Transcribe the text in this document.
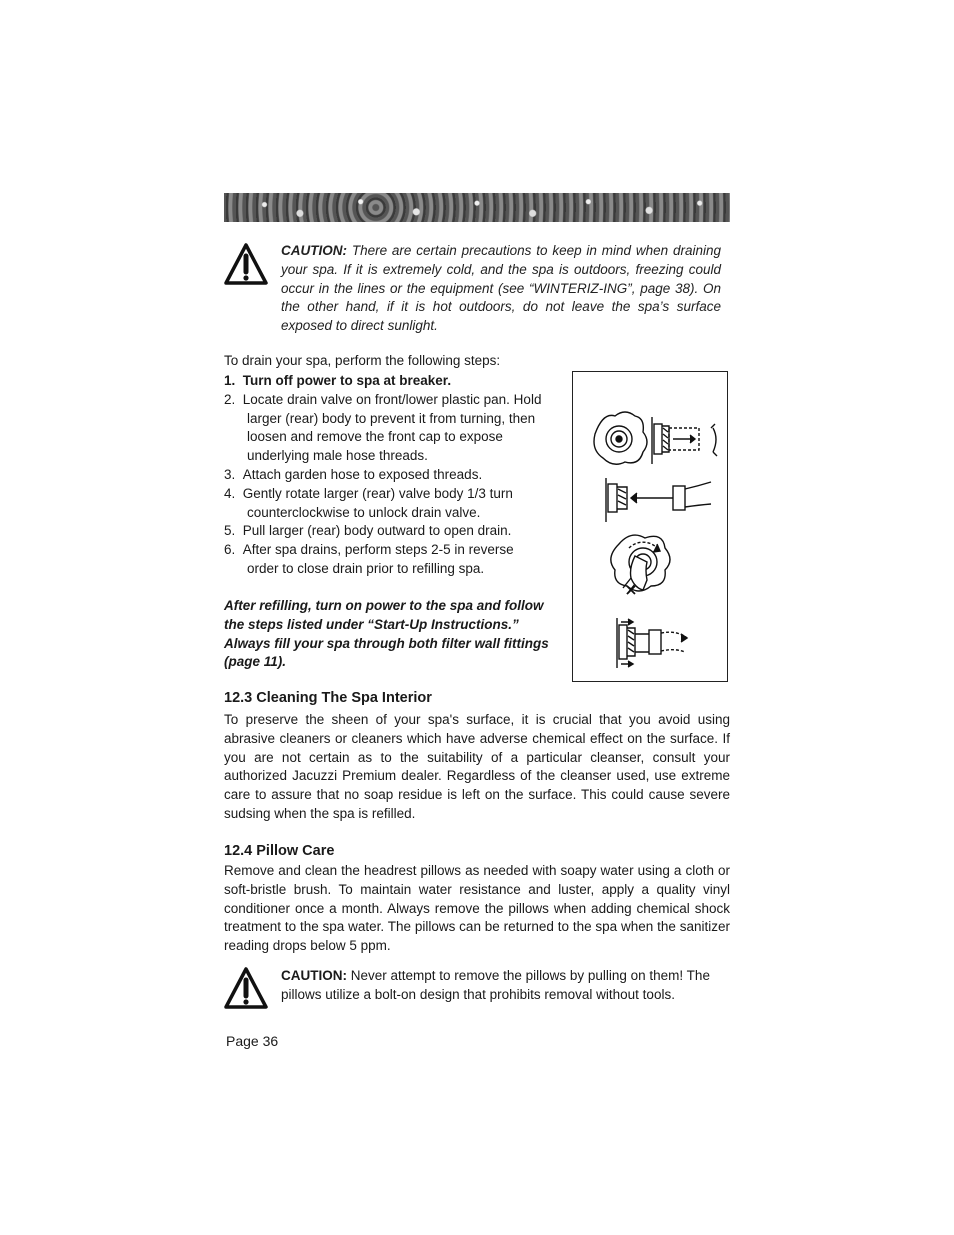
CAUTION: There are certain precautions to keep in mind when draining your spa. If it is extremely cold, and the spa is outdoors, freezing could occur in the lines or the equipment (see “WINTERIZ-ING”, page 38). On the other hand, if it is hot outdoors, do not leave the spa’s surface exposed to direct sunlight.

To drain your spa, perform the following steps:

1. Turn off power to spa at breaker.
2. Locate drain valve on front/lower plastic pan. Hold larger (rear) body to prevent it from turning, then loosen and remove the front cap to expose underlying male hose threads.
3. Attach garden hose to exposed threads.
4. Gently rotate larger (rear) valve body 1/3 turn counterclockwise to unlock drain valve.
5. Pull larger (rear) body outward to open drain.
6. After spa drains, perform steps 2-5 in reverse order to close drain prior to refilling spa.

After refilling, turn on power to the spa and follow the steps listed under “Start-Up Instructions.” Always fill your spa through both filter wall fittings (page 11).

12.3 Cleaning The Spa Interior

To preserve the sheen of your spa's surface, it is crucial that you avoid using abrasive cleaners or cleaners which have adverse chemical effect on the surface. If you are not certain as to the suitability of a particular cleanser, consult your authorized Jacuzzi Premium dealer. Regardless of the cleanser used, use extreme care to assure that no soap residue is left on the surface. This could cause severe sudsing when the spa is refilled.

12.4 Pillow Care

Remove and clean the headrest pillows as needed with soapy water using a cloth or soft-bristle brush. To maintain water resistance and luster, apply a quality vinyl conditioner once a month. Always remove the pillows when adding chemical shock treatment to the spa water. The pillows can be returned to the spa when the sanitizer reading drops below 5 ppm.

CAUTION: Never attempt to remove the pillows by pulling on them! The pillows utilize a bolt-on design that prohibits removal without tools.

Page 36
